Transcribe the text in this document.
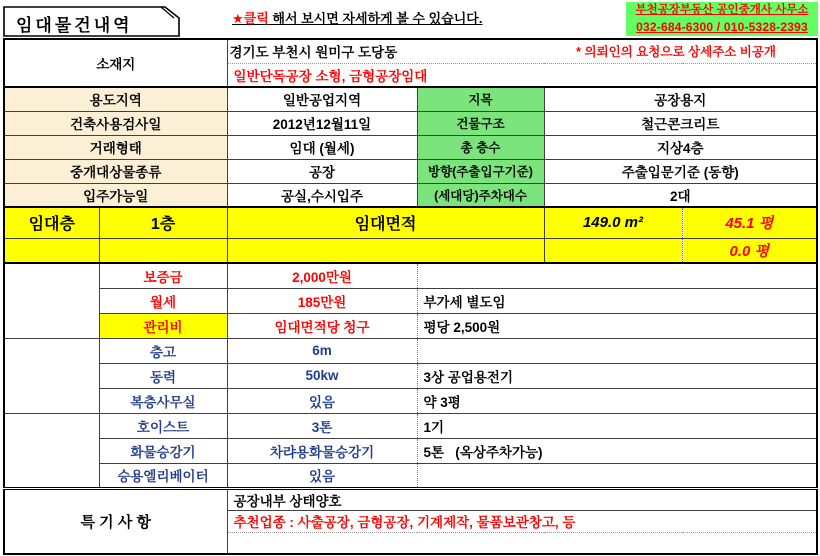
임대물건내역	★클릭 해서 보시면 자세하게 볼 수 있습니다.
부천공장부동산 공인중개사 사무소
032-684-6300 / 010-5328-2393
소재지		경기도 부천시 원미구 도당동 * 의뢰인의 요청으로 상세주소 비공개			

		일반단독공장 소형, 금형공장임대			
용도지역		일반공업지역	지목	공장용지	
건축사용검사일		2012년12월11일	건물구조	철근콘크리트	
거래형태		임대 (월세)	총 층수	지상4층	
중개대상물종류		공장	방향(주출입구기준)	주출입문기준 (동향)	
입주가능일		공실,수시입주	(세대당)주차대수	2대	
임대층	1층	임대면적		149.0 m²	45.1 평
					0.0 평
	보증금	2,000만원			
	월세	185만원	부가세 별도임		
	관리비	임대면적당 청구	평당 2,500원		
	층고	6m			
	동력	50kw	3상 공업용전기		
	복층사무실	있음	약 3평		
	호이스트	3톤	1기		
	화물승강기	차랴용화물승강기	5톤   (옥상주차가능)		
	승용엘리베이터	있음			
특 기 사 항		공장내부 상태양호			
		추천업종 : 사출공장, 금형공장, 기계제작, 물품보관창고, 등			
